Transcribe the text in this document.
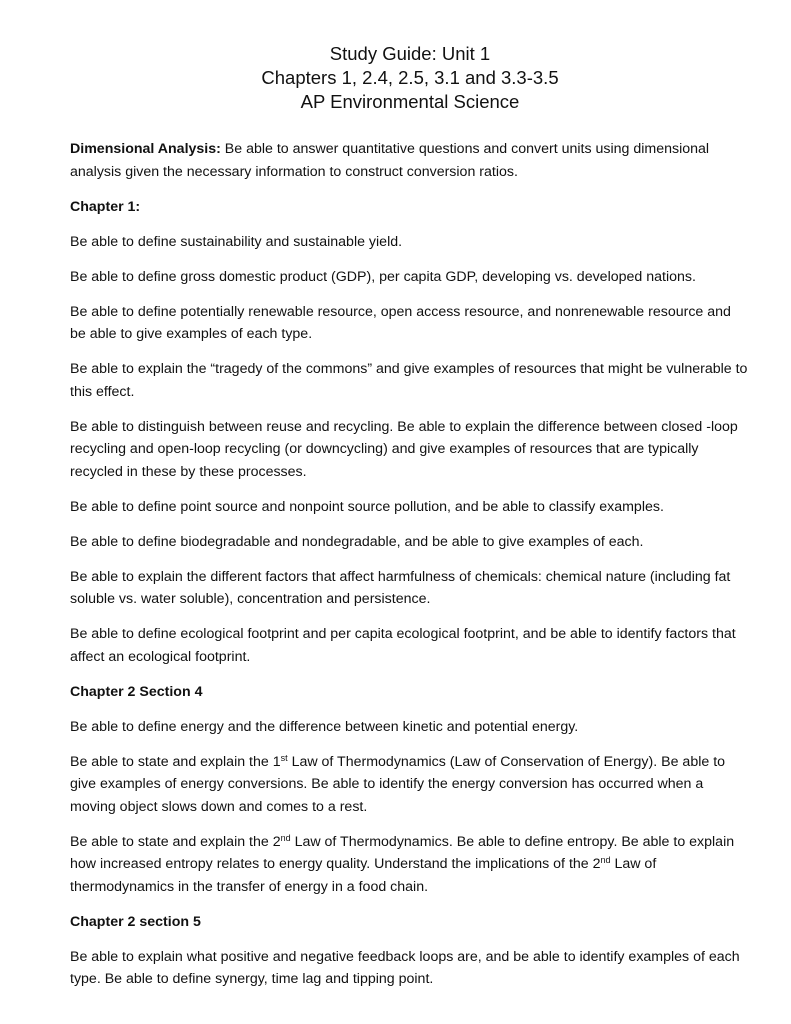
Study Guide: Unit 1
Chapters 1, 2.4, 2.5, 3.1 and 3.3-3.5
AP Environmental Science

Dimensional Analysis: Be able to answer quantitative questions and convert units using dimensional analysis given the necessary information to construct conversion ratios.

Chapter 1:

Be able to define sustainability and sustainable yield.

Be able to define gross domestic product (GDP), per capita GDP, developing vs. developed nations.

Be able to define potentially renewable resource, open access resource, and nonrenewable resource and be able to give examples of each type.

Be able to explain the “tragedy of the commons” and give examples of resources that might be vulnerable to this effect.

Be able to distinguish between reuse and recycling. Be able to explain the difference between closed -loop recycling and open-loop recycling (or downcycling) and give examples of resources that are typically recycled in these by these processes.

Be able to define point source and nonpoint source pollution, and be able to classify examples.

Be able to define biodegradable and nondegradable, and be able to give examples of each.

Be able to explain the different factors that affect harmfulness of chemicals: chemical nature (including fat soluble vs. water soluble), concentration and persistence.

Be able to define ecological footprint and per capita ecological footprint, and be able to identify factors that affect an ecological footprint.

Chapter 2 Section 4

Be able to define energy and the difference between kinetic and potential energy.

Be able to state and explain the 1st Law of Thermodynamics (Law of Conservation of Energy). Be able to give examples of energy conversions. Be able to identify the energy conversion has occurred when a moving object slows down and comes to a rest.

Be able to state and explain the 2nd Law of Thermodynamics. Be able to define entropy. Be able to explain how increased entropy relates to energy quality. Understand the implications of the 2nd Law of thermodynamics in the transfer of energy in a food chain.

Chapter 2 section 5

Be able to explain what positive and negative feedback loops are, and be able to identify examples of each type. Be able to define synergy, time lag and tipping point.
